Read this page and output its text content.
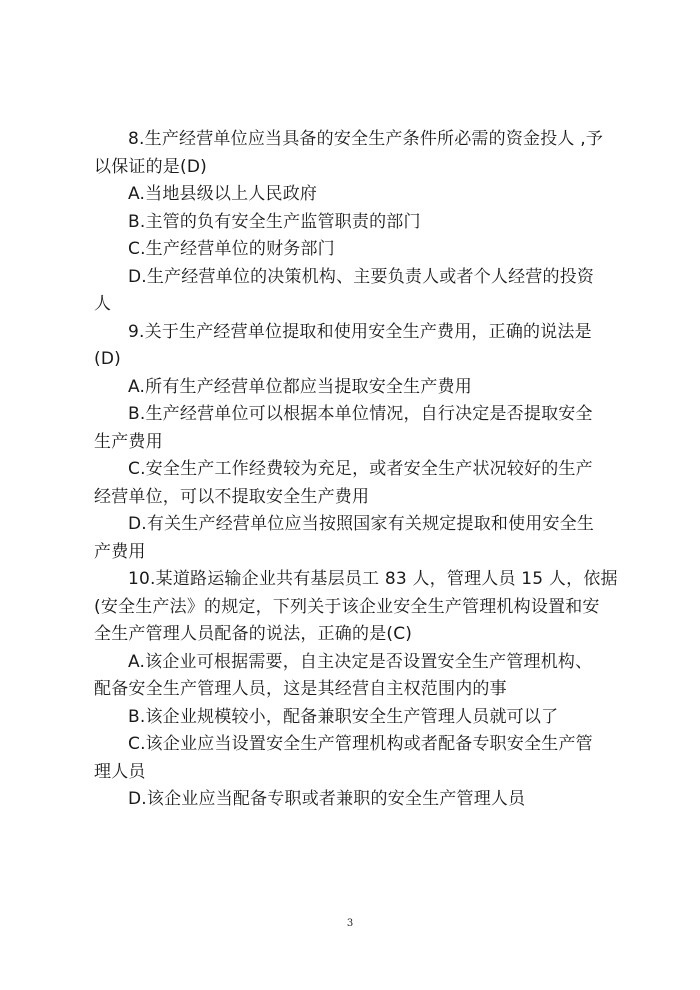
8.生产经营单位应当具备的安全生产条件所必需的资金投人 ,予
以保证的是(D)
A.当地县级以上人民政府
B.主管的负有安全生产监管职责的部门
C.生产经营单位的财务部门
D.生产经营单位的决策机构、主要负责人或者个人经营的投资
人
9.关于生产经营单位提取和使用安全生产费用，正确的说法是
(D)
A.所有生产经营单位都应当提取安全生产费用
B.生产经营单位可以根据本单位情况，自行决定是否提取安全
生产费用
C.安全生产工作经费较为充足，或者安全生产状况较好的生产
经营单位，可以不提取安全生产费用
D.有关生产经营单位应当按照国家有关规定提取和使用安全生
产费用
10.某道路运输企业共有基层员工 83 人，管理人员 15 人，依据
(安全生产法》的规定，下列关于该企业安全生产管理机构设置和安
全生产管理人员配备的说法，正确的是(C)
A.该企业可根据需要，自主决定是否设置安全生产管理机构、
配备安全生产管理人员，这是其经营自主权范围内的事
B.该企业规模较小，配备兼职安全生产管理人员就可以了
C.该企业应当设置安全生产管理机构或者配备专职安全生产管
理人员
D.该企业应当配备专职或者兼职的安全生产管理人员
3
